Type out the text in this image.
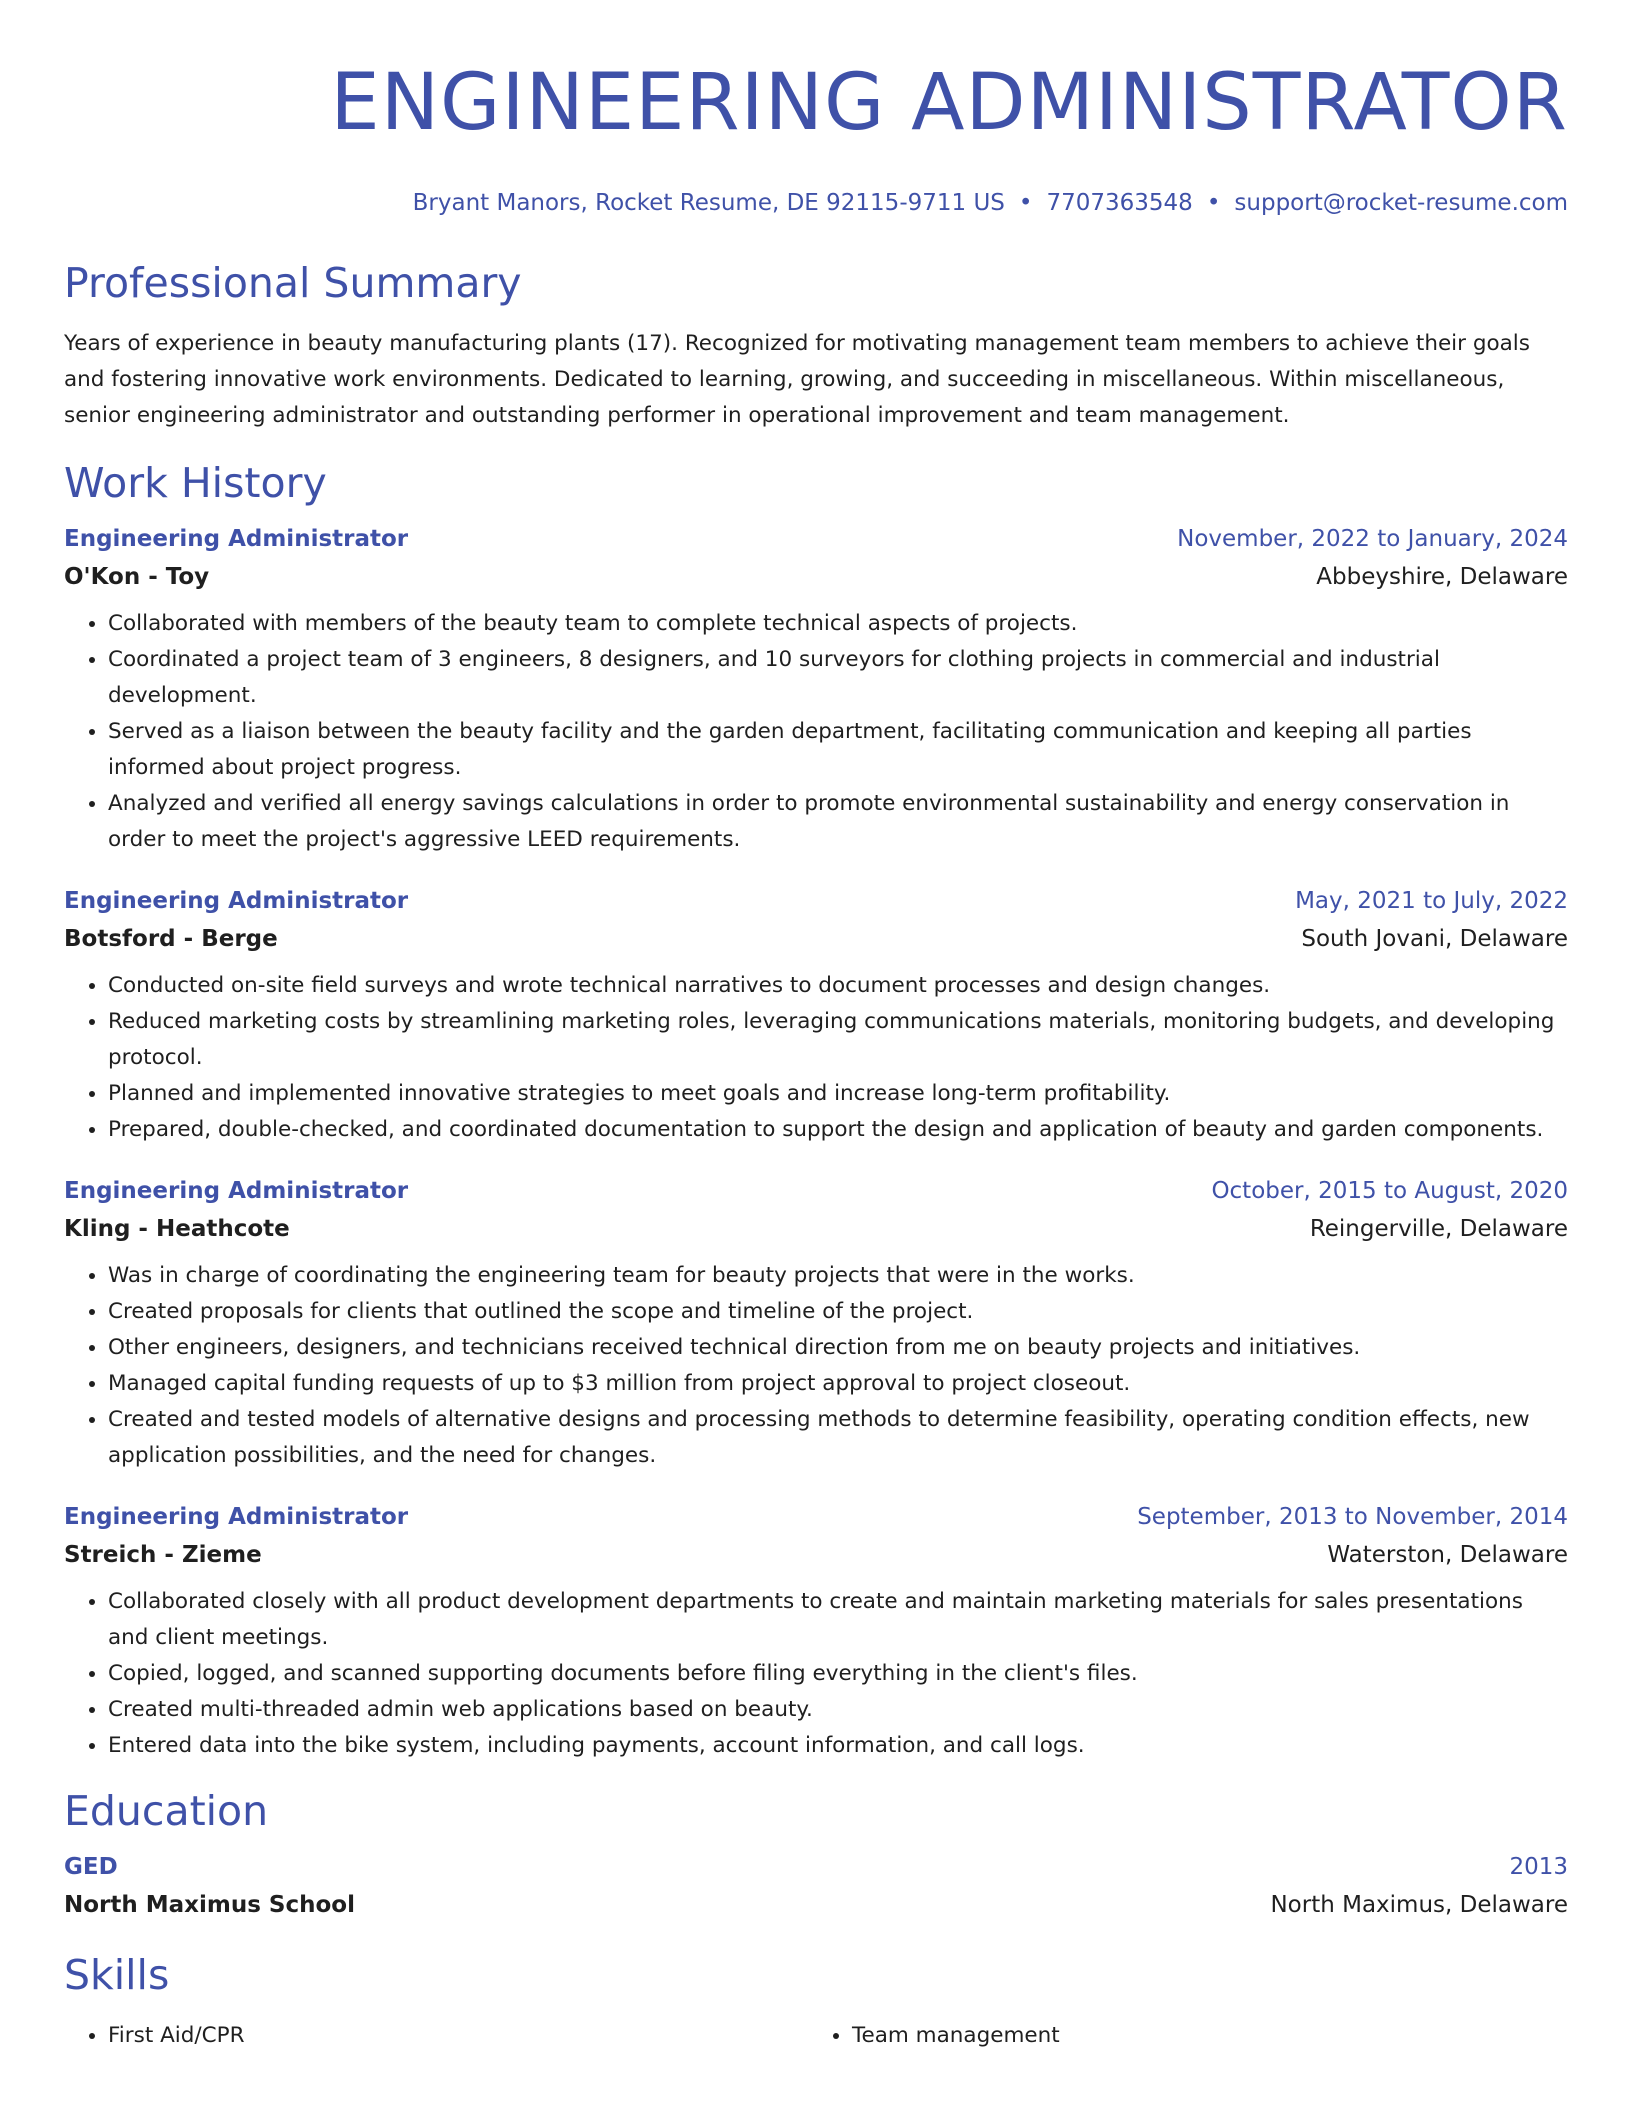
ENGINEERING ADMINISTRATOR
Bryant Manors, Rocket Resume, DE 92115-9711 US • 7707363548 • support@rocket-resume.com
Professional Summary
Years of experience in beauty manufacturing plants (17). Recognized for motivating management team members to achieve their goals and fostering innovative work environments. Dedicated to learning, growing, and succeeding in miscellaneous. Within miscellaneous, senior engineering administrator and outstanding performer in operational improvement and team management.
Work History
Engineering Administrator	November, 2022 to January, 2024
O'Kon - Toy	Abbeyshire, Delaware
• Collaborated with members of the beauty team to complete technical aspects of projects.
• Coordinated a project team of 3 engineers, 8 designers, and 10 surveyors for clothing projects in commercial and industrial development.
• Served as a liaison between the beauty facility and the garden department, facilitating communication and keeping all parties informed about project progress.
• Analyzed and verified all energy savings calculations in order to promote environmental sustainability and energy conservation in order to meet the project's aggressive LEED requirements.
Engineering Administrator	May, 2021 to July, 2022
Botsford - Berge	South Jovani, Delaware
• Conducted on-site field surveys and wrote technical narratives to document processes and design changes.
• Reduced marketing costs by streamlining marketing roles, leveraging communications materials, monitoring budgets, and developing protocol.
• Planned and implemented innovative strategies to meet goals and increase long-term profitability.
• Prepared, double-checked, and coordinated documentation to support the design and application of beauty and garden components.
Engineering Administrator	October, 2015 to August, 2020
Kling - Heathcote	Reingerville, Delaware
• Was in charge of coordinating the engineering team for beauty projects that were in the works.
• Created proposals for clients that outlined the scope and timeline of the project.
• Other engineers, designers, and technicians received technical direction from me on beauty projects and initiatives.
• Managed capital funding requests of up to $3 million from project approval to project closeout.
• Created and tested models of alternative designs and processing methods to determine feasibility, operating condition effects, new application possibilities, and the need for changes.
Engineering Administrator	September, 2013 to November, 2014
Streich - Zieme	Waterston, Delaware
• Collaborated closely with all product development departments to create and maintain marketing materials for sales presentations and client meetings.
• Copied, logged, and scanned supporting documents before filing everything in the client's files.
• Created multi-threaded admin web applications based on beauty.
• Entered data into the bike system, including payments, account information, and call logs.
Education
GED	2013
North Maximus School	North Maximus, Delaware
Skills
• First Aid/CPR
•	Team management
